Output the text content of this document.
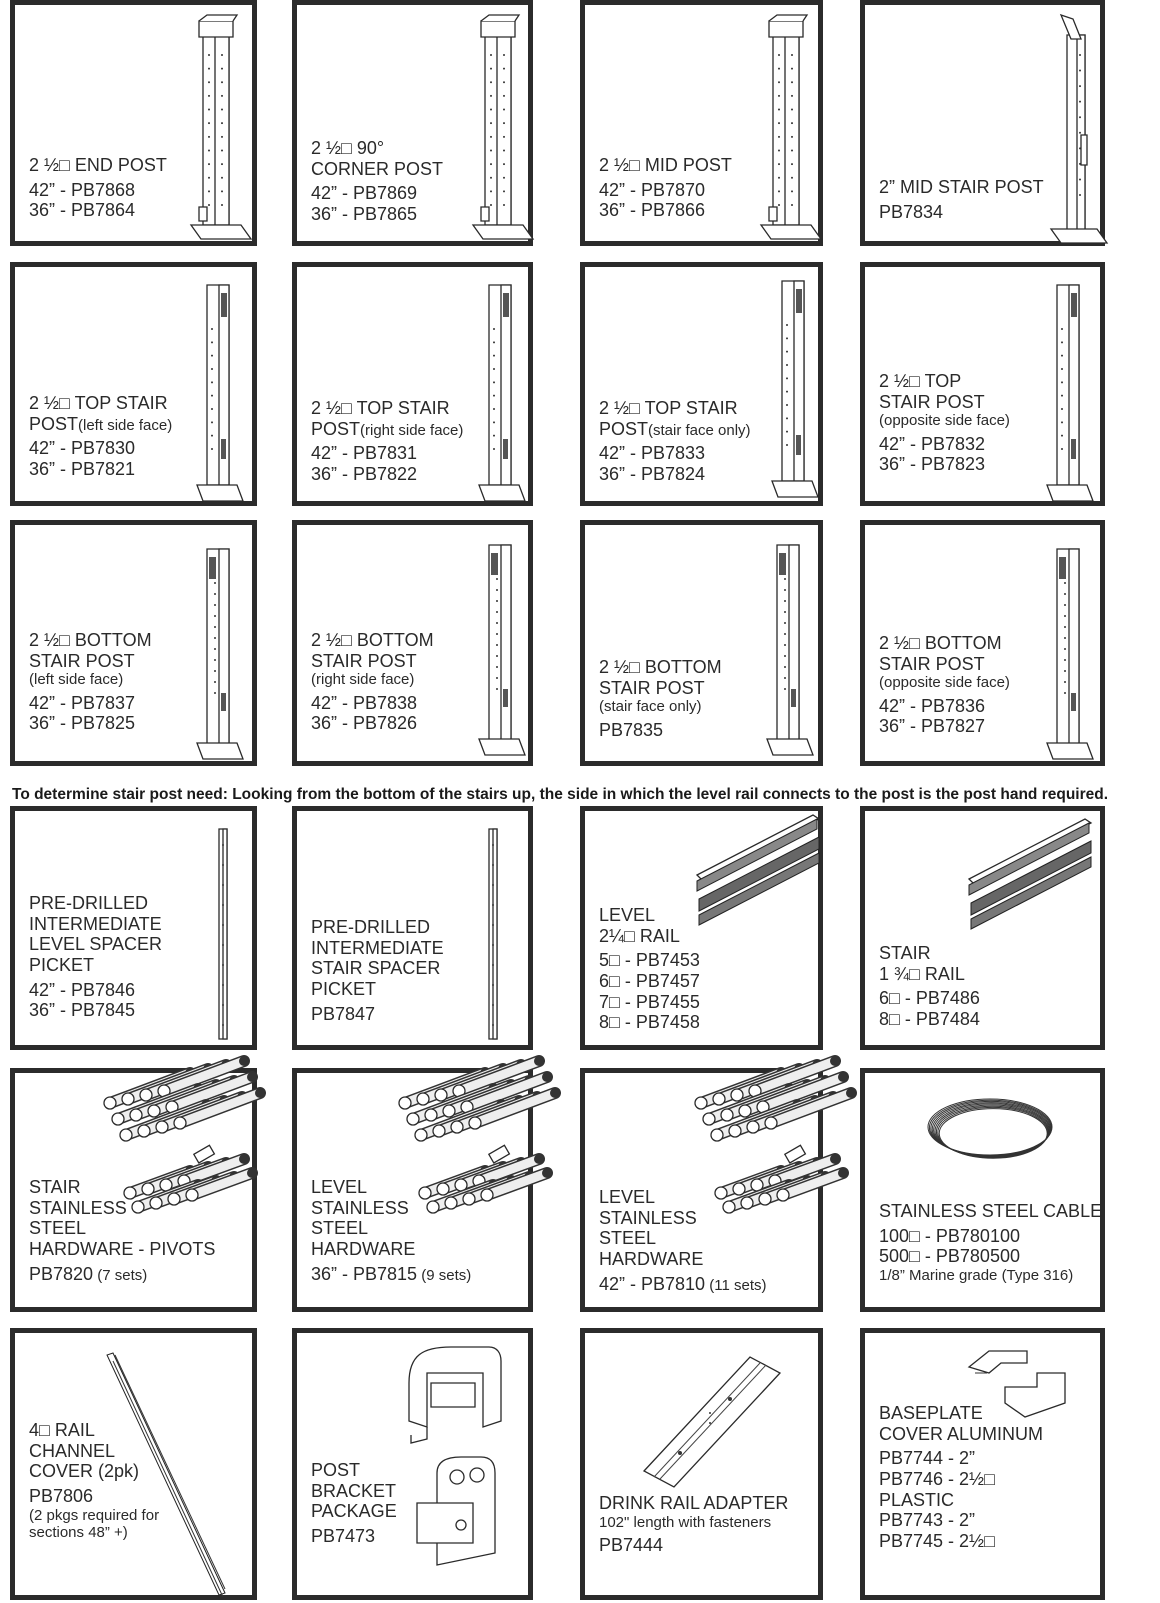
2 ½□ END POST
42” - PB7868
36” - PB7864
2 ½□ 90°
CORNER POST
42” - PB7869
36” - PB7865
2 ½□ MID POST
42” - PB7870
36” - PB7866
2” MID STAIR POST
PB7834
2 ½□ TOP STAIR
POST(left side face)
42” - PB7830
36” - PB7821
2 ½□ TOP STAIR
POST(right side face)
42” - PB7831
36” - PB7822
2 ½□ TOP STAIR
POST(stair face only)
42” - PB7833
36” - PB7824
2 ½□ TOP
STAIR POST
(opposite side face)
42” - PB7832
36” - PB7823
2 ½□ BOTTOM
STAIR POST
(left side face)
42” - PB7837
36” - PB7825
2 ½□ BOTTOM
STAIR POST
(right side face)
42” - PB7838
36” - PB7826
2 ½□ BOTTOM
STAIR POST
(stair face only)
PB7835
2 ½□ BOTTOM
STAIR POST
(opposite side face)
42” - PB7836
36” - PB7827
PRE-DRILLED
INTERMEDIATE
LEVEL SPACER
PICKET
42” - PB7846
36” - PB7845
PRE-DRILLED
INTERMEDIATE
STAIR SPACER
PICKET
PB7847
LEVEL
2¼□ RAIL
5□ - PB7453
6□ - PB7457
7□ - PB7455
8□ - PB7458
STAIR
1 ¾□ RAIL
6□ - PB7486
8□ - PB7484
STAIR
STAINLESS
STEEL
HARDWARE - PIVOTS
PB7820 (7 sets)
LEVEL
STAINLESS
STEEL
HARDWARE
36” - PB7815 (9 sets)
LEVEL
STAINLESS
STEEL
HARDWARE
42” - PB7810 (11 sets)
STAINLESS STEEL CABLE
100□ - PB780100
500□ - PB780500
1/8” Marine grade (Type 316)
4□ RAIL
CHANNEL
COVER (2pk)
PB7806
(2 pkgs required for
sections 48” +)
POST
BRACKET
PACKAGE
PB7473
DRINK RAIL ADAPTER
102" length with fasteners
PB7444
BASEPLATE
COVER ALUMINUM
PB7744 - 2”
PB7746 - 2½□
PLASTIC
PB7743 - 2”
PB7745 - 2½□
To determine stair post need: Looking from the bottom of the stairs up, the side in which the level rail connects to the post is the post hand required.
